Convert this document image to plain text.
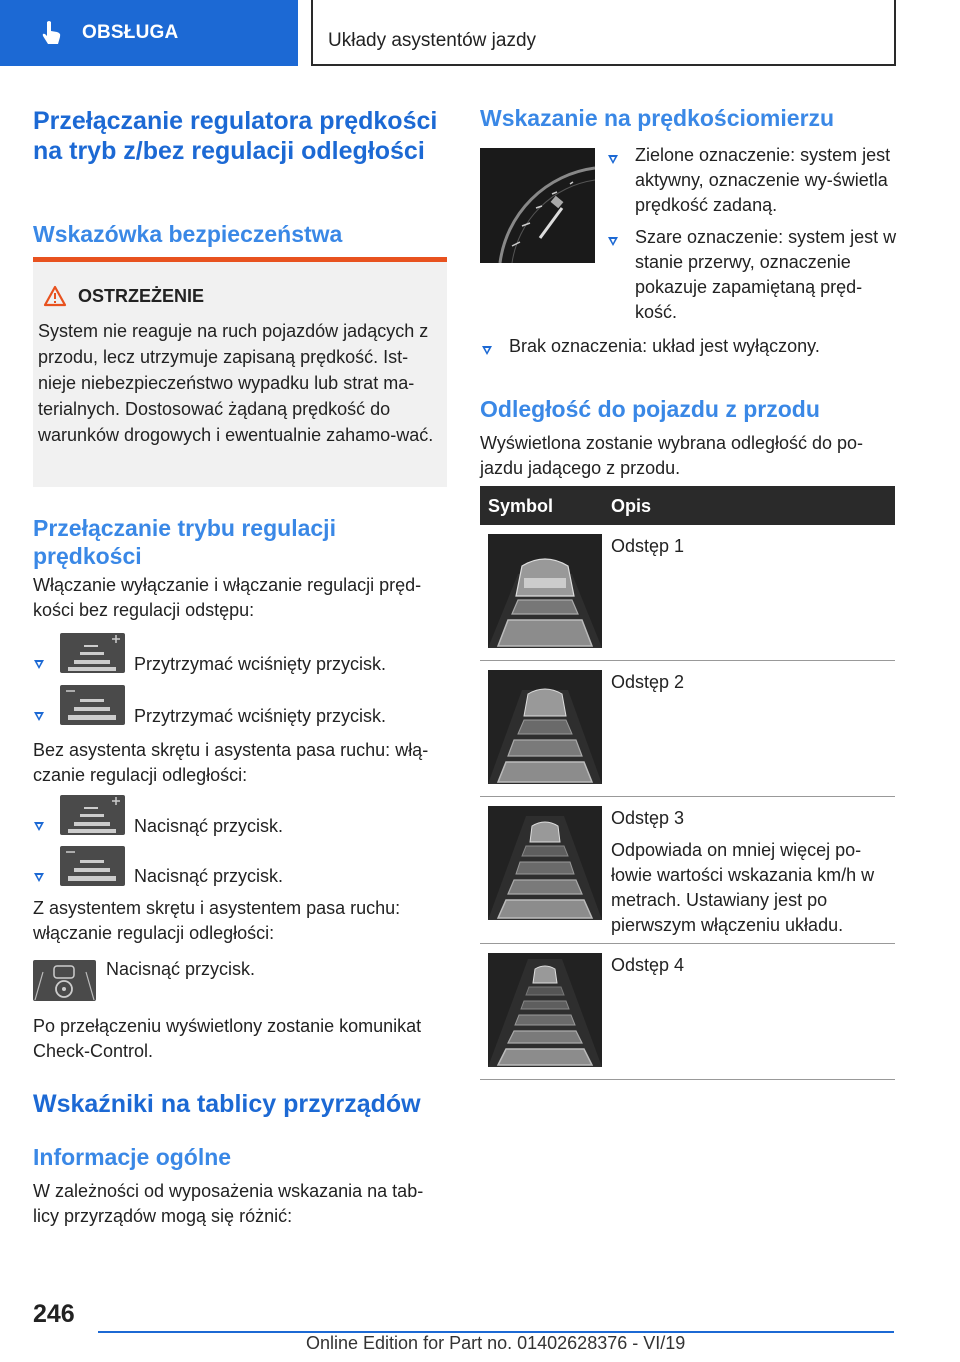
OBSŁUGA	Układy asystentów jazdy
Przełączanie regulatora prędkości na tryb z/bez regulacji odległości
Wskazówka bezpieczeństwa
OSTRZEŻENIE
System nie reaguje na ruch pojazdów jadących z przodu, lecz utrzymuje zapisaną prędkość. Ist-nieje niebezpieczeństwo wypadku lub strat ma-terialnych. Dostosować żądaną prędkość do warunków drogowych i ewentualnie zahamo-wać.
Przełączanie trybu regulacji prędkości
Włączanie wyłączanie i włączanie regulacji pręd-kości bez regulacji odstępu:
Przytrzymać wciśnięty przycisk.
Przytrzymać wciśnięty przycisk.
Bez asystenta skrętu i asystenta pasa ruchu: włą-czanie regulacji odległości:
Nacisnąć przycisk.
Nacisnąć przycisk.
Z asystentem skrętu i asystentem pasa ruchu: włączanie regulacji odległości:
Nacisnąć przycisk.
Po przełączeniu wyświetlony zostanie komunikat Check-Control.
Wskaźniki na tablicy przyrządów
Informacje ogólne
W zależności od wyposażenia wskazania na tab-licy przyrządów mogą się różnić:
Wskazanie na prędkościomierzu
Zielone oznaczenie: system jest aktywny, oznaczenie wy-świetla prędkość zadaną.
Szare oznaczenie: system jest w stanie przerwy, oznaczenie pokazuje zapamiętaną pręd-kość.
Brak oznaczenia: układ jest wyłączony.
Odległość do pojazdu z przodu
Wyświetlona zostanie wybrana odległość do po-jazdu jadącego z przodu.
Symbol	Opis
Odstęp 1
Odstęp 2
Odstęp 3
Odpowiada on mniej więcej po-łowie wartości wskazania km/h w metrach. Ustawiany jest po pierwszym włączeniu układu.
Odstęp 4
246
Online Edition for Part no. 01402628376 - VI/19
